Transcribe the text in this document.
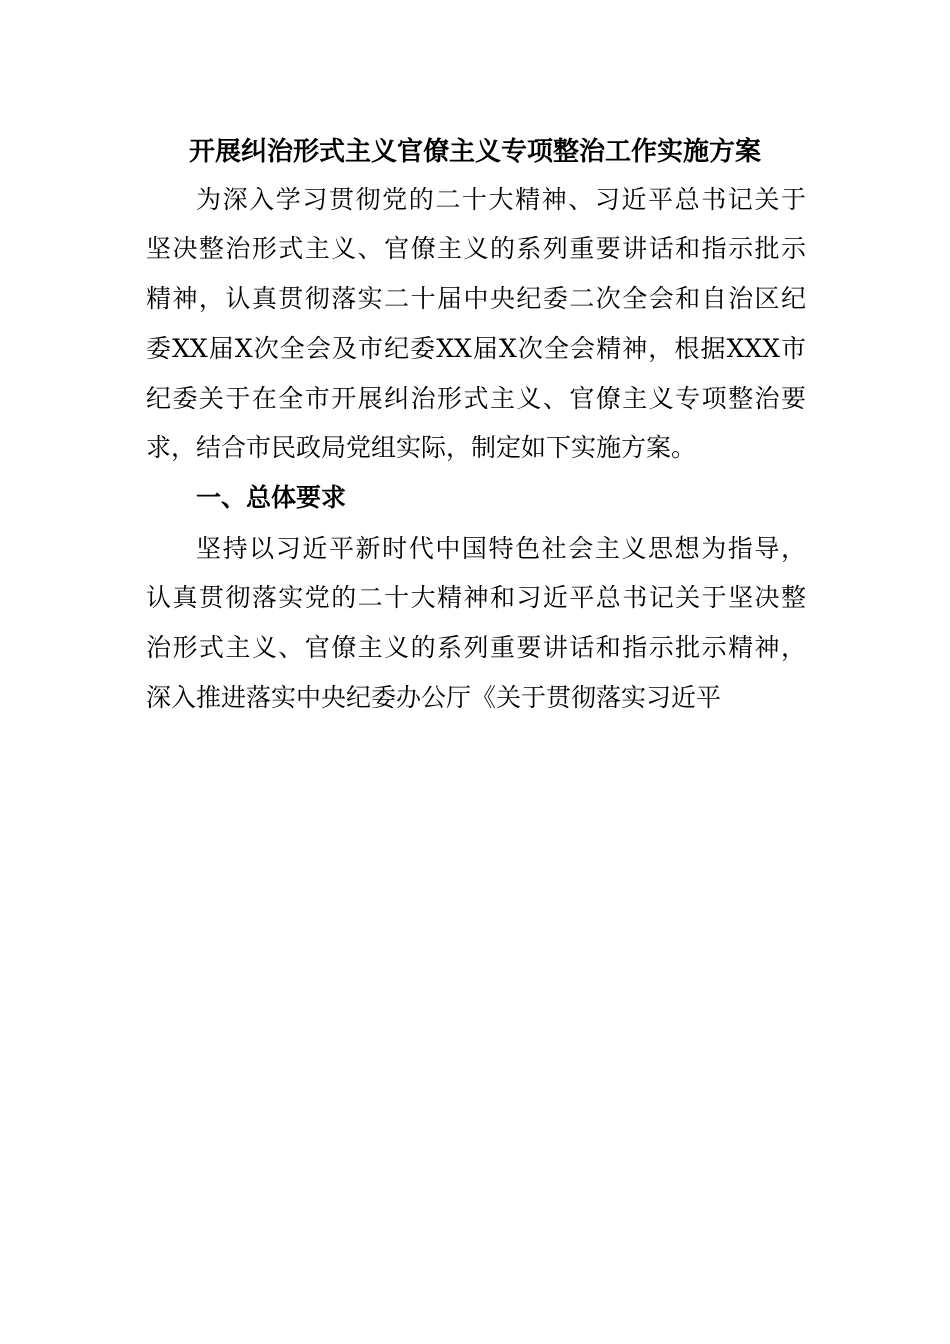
开展纠治形式主义官僚主义专项整治工作实施方案
为深入学习贯彻党的二十大精神、习近平总书记关于
坚决整治形式主义、官僚主义的系列重要讲话和指示批示
精神，认真贯彻落实二十届中央纪委二次全会和自治区纪
委XX届X次全会及市纪委XX届X次全会精神，根据XXX市
纪委关于在全市开展纠治形式主义、官僚主义专项整治要
求，结合市民政局党组实际，制定如下实施方案。
一、总体要求
坚持以习近平新时代中国特色社会主义思想为指导，
认真贯彻落实党的二十大精神和习近平总书记关于坚决整
治形式主义、官僚主义的系列重要讲话和指示批示精神，
深入推进落实中央纪委办公厅《关于贯彻落实习近平
